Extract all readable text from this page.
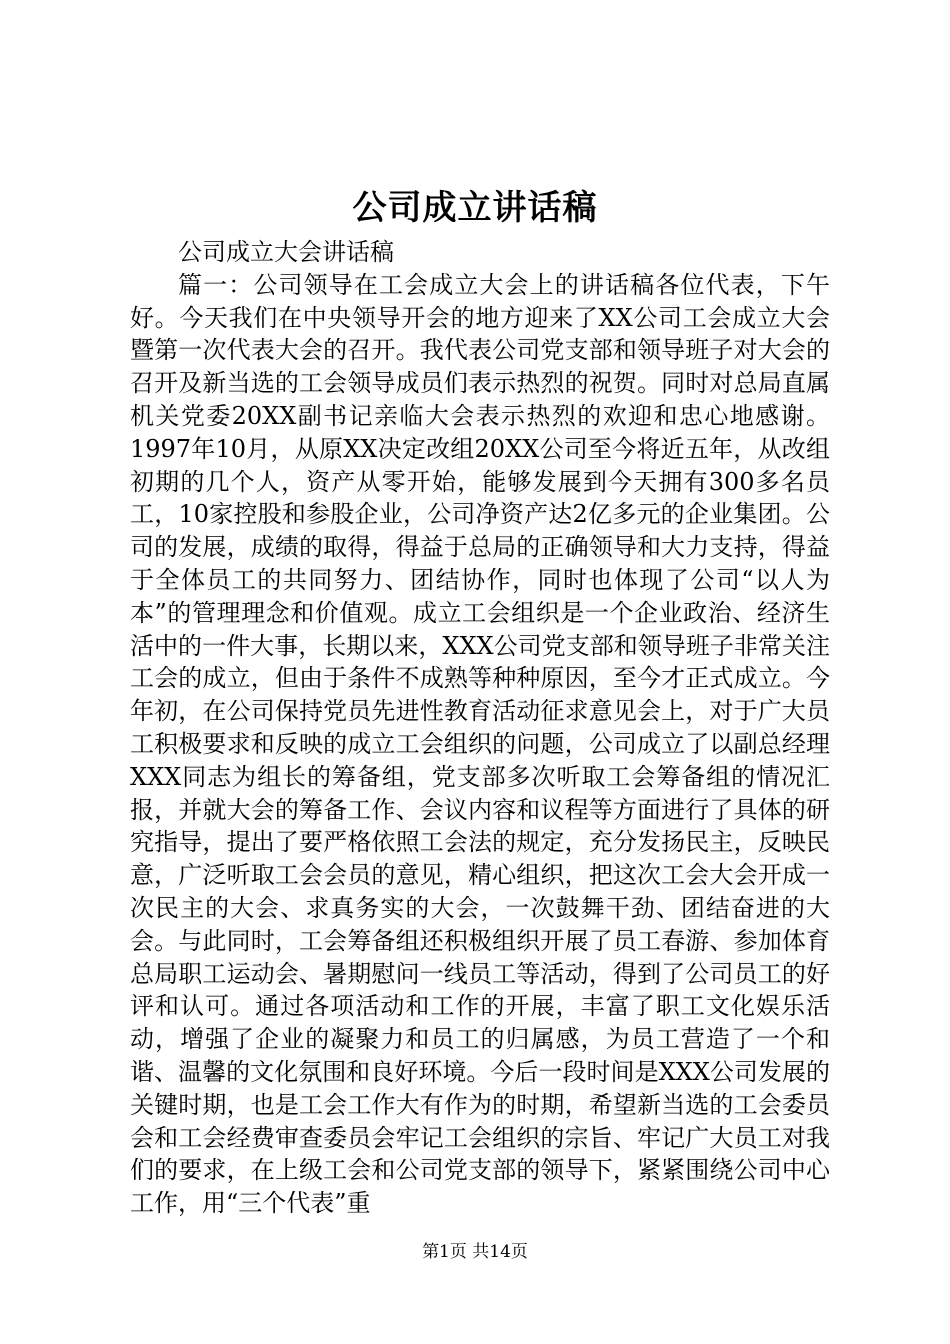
公司成立讲话稿

公司成立大会讲话稿

篇一：公司领导在工会成立大会上的讲话稿各位代表，下午好。今天我们在中央领导开会的地方迎来了XX公司工会成立大会暨第一次代表大会的召开。我代表公司党支部和领导班子对大会的召开及新当选的工会领导成员们表示热烈的祝贺。同时对总局直属机关党委20XX副书记亲临大会表示热烈的欢迎和忠心地感谢。1997年10月，从原XX决定改组20XX公司至今将近五年，从改组初期的几个人，资产从零开始，能够发展到今天拥有300多名员工，10家控股和参股企业，公司净资产达2亿多元的企业集团。公司的发展，成绩的取得，得益于总局的正确领导和大力支持，得益于全体员工的共同努力、团结协作，同时也体现了公司“以人为本”的管理理念和价值观。成立工会组织是一个企业政治、经济生活中的一件大事，长期以来，XXX公司党支部和领导班子非常关注工会的成立，但由于条件不成熟等种种原因，至今才正式成立。今年初，在公司保持党员先进性教育活动征求意见会上，对于广大员工积极要求和反映的成立工会组织的问题，公司成立了以副总经理XXX同志为组长的筹备组，党支部多次听取工会筹备组的情况汇报，并就大会的筹备工作、会议内容和议程等方面进行了具体的研究指导，提出了要严格依照工会法的规定，充分发扬民主，反映民意，广泛听取工会会员的意见，精心组织，把这次工会大会开成一次民主的大会、求真务实的大会，一次鼓舞干劲、团结奋进的大会。与此同时，工会筹备组还积极组织开展了员工春游、参加体育总局职工运动会、暑期慰问一线员工等活动，得到了公司员工的好评和认可。通过各项活动和工作的开展，丰富了职工文化娱乐活动，增强了企业的凝聚力和员工的归属感，为员工营造了一个和谐、温馨的文化氛围和良好环境。今后一段时间是XXX公司发展的关键时期，也是工会工作大有作为的时期，希望新当选的工会委员会和工会经费审查委员会牢记工会组织的宗旨、牢记广大员工对我们的要求，在上级工会和公司党支部的领导下，紧紧围绕公司中心工作，用“三个代表”重

第1页 共14页
